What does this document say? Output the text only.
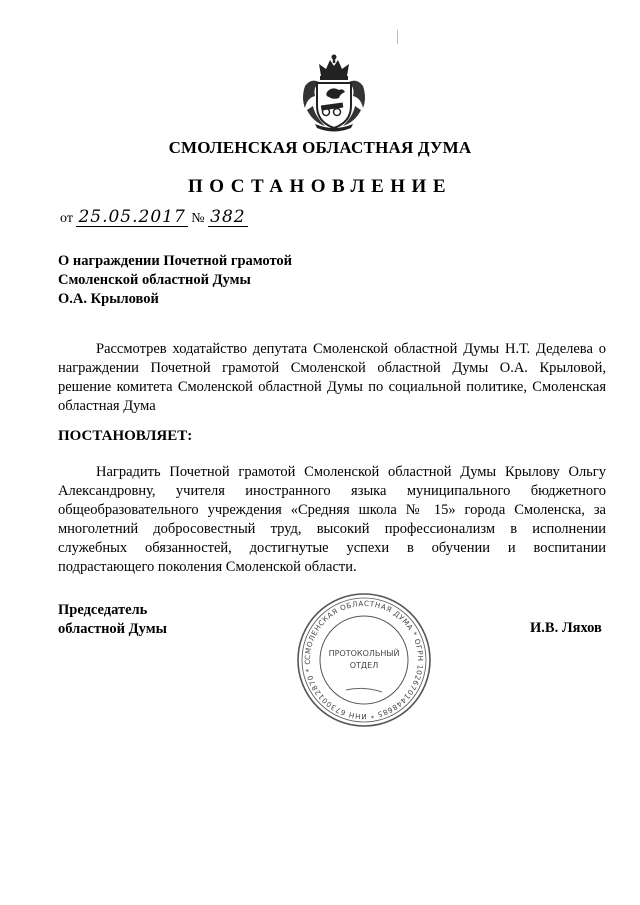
СМОЛЕНСКАЯ ОБЛАСТНАЯ ДУМА
ПОСТАНОВЛЕНИЕ
от 25.05.2017 № 382
О награждении Почетной грамотой
Смоленской областной Думы
О.А. Крыловой
Рассмотрев ходатайство депутата Смоленской областной Думы Н.Т. Деделева о награждении Почетной грамотой Смоленской областной Думы О.А. Крыловой, решение комитета Смоленской областной Думы по социальной политике, Смоленская областная Дума
ПОСТАНОВЛЯЕТ:
Наградить Почетной грамотой Смоленской областной Думы Крылову Ольгу Александровну, учителя иностранного языка муниципального бюджетного общеобразовательного учреждения «Средняя школа № 15» города Смоленска, за многолетний добросовестный труд, высокий профессионализм в исполнении служебных обязанностей, достигнутые успехи в обучении и воспитании подрастающего поколения Смоленской области.
Председатель
областной Думы
СМОЛЕНСКАЯ ОБЛАСТНАЯ ДУМА * ОГРН 1026701448685 * ИНН 6730012870 * С
ПРОТОКОЛЬНЫЙ
ОТДЕЛ
И.В. Ляхов
